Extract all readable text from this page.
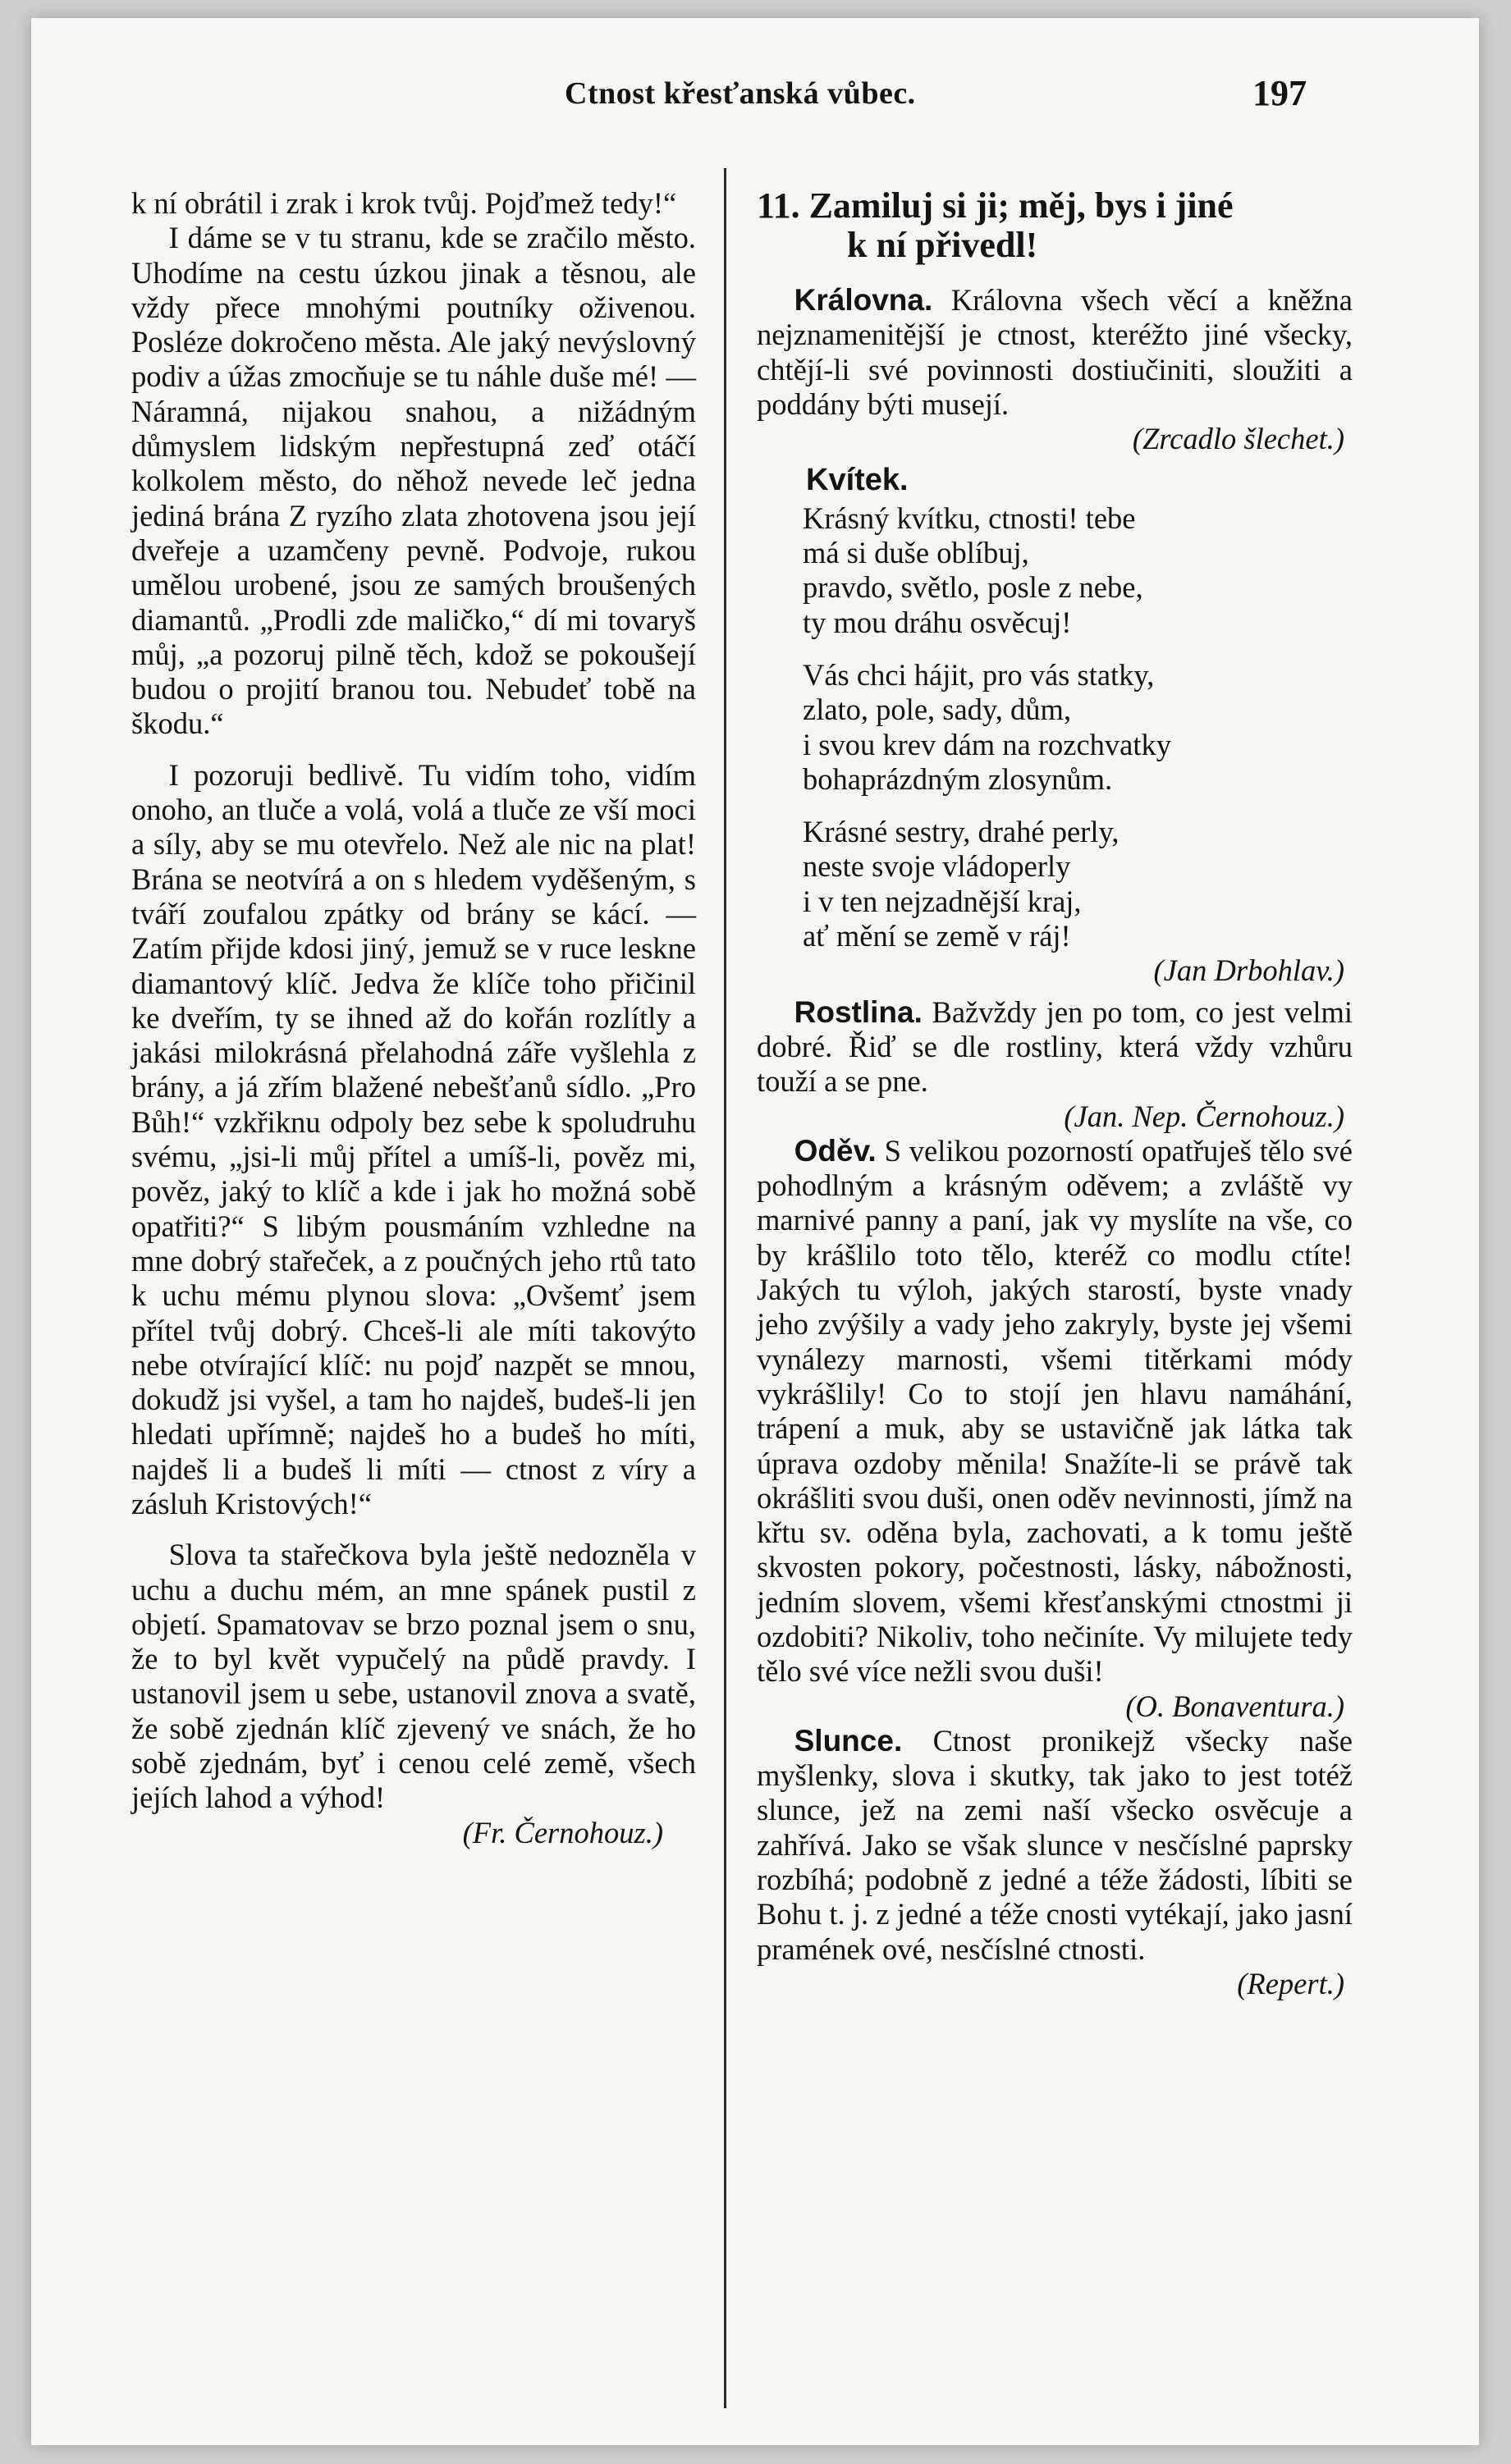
Ctnost křesťanská vůbec.	197

k ní obrátil i zrak i krok tvůj. Pojďmež tedy!“

I dáme se v tu stranu, kde se zračilo město. Uhodíme na cestu úzkou jinak a těsnou, ale vždy přece mnohými poutníky oživenou. Posléze dokročeno města. Ale jaký nevýslovný podiv a úžas zmocňuje se tu náhle duše mé! — Náramná, nijakou snahou, a nižádným důmyslem lidským nepřestupná zeď otáčí kolkolem město, do něhož nevede leč jedna jediná brána Z ryzího zlata zhotovena jsou její dveřeje a uzamčeny pevně. Podvoje, rukou umělou urobené, jsou ze samých broušených diamantů. „Prodli zde maličko,“ dí mi tovaryš můj, „a pozoruj pilně těch, kdož se pokoušejí budou o projití branou tou. Nebudeť tobě na škodu.“

I pozoruji bedlivě. Tu vidím toho, vidím onoho, an tluče a volá, volá a tluče ze vší moci a síly, aby se mu otevřelo. Než ale nic na plat! Brána se neotvírá a on s hledem vyděšeným, s tváří zoufalou zpátky od brány se kácí. — Zatím přijde kdosi jiný, jemuž se v ruce leskne diamantový klíč. Jedva že klíče toho přičinil ke dveřím, ty se ihned až do kořán rozlítly a jakási milokrásná přelahodná záře vyšlehla z brány, a já zřím blažené nebešťanů sídlo. „Pro Bůh!“ vzkřiknu odpoly bez sebe k spoludruhu svému, „jsi-li můj přítel a umíš-li, pověz mi, pověz, jaký to klíč a kde i jak ho možná sobě opatřiti?“ S libým pousmáním vzhledne na mne dobrý stařeček, a z poučných jeho rtů tato k uchu mému plynou slova: „Ovšemť jsem přítel tvůj dobrý. Chceš-li ale míti takovýto nebe otvírající klíč: nu pojď nazpět se mnou, dokudž jsi vyšel, a tam ho najdeš, budeš-li jen hledati upřímně; najdeš ho a budeš ho míti, najdeš li a budeš li míti — ctnost z víry a zásluh Kristových!“

Slova ta stařečkova byla ještě nedozněla v uchu a duchu mém, an mne spánek pustil z objetí. Spamatovav se brzo poznal jsem o snu, že to byl květ vypučelý na půdě pravdy. I ustanovil jsem u sebe, ustanovil znova a svatě, že sobě zjednán klíč zjevený ve snách, že ho sobě zjednám, byť i cenou celé země, všech jejích lahod a výhod!

(Fr. Černohouz.)

11. Zamiluj si ji; měj, bys i jiné
k ní přivedl!

Královna. Královna všech věcí a kněžna nejznamenitější je ctnost, kteréžto jiné všecky, chtějí-li své povinnosti dostiučiniti, sloužiti a poddány býti musejí.

(Zrcadlo šlechet.)

Kvítek.
Krásný kvítku, ctnosti! tebe
má si duše oblíbuj,
pravdo, světlo, posle z nebe,
ty mou dráhu osvěcuj!
Vás chci hájit, pro vás statky,
zlato, pole, sady, dům,
i svou krev dám na rozchvatky
bohaprázdným zlosynům.
Krásné sestry, drahé perly,
neste svoje vládoperly
i v ten nejzadnější kraj,
ať mění se země v ráj!

(Jan Drbohlav.)

Rostlina. Bažvždy jen po tom, co jest velmi dobré. Řiď se dle rostliny, která vždy vzhůru touží a se pne.

(Jan. Nep. Černohouz.)

Oděv. S velikou pozorností opatřuješ tělo své pohodlným a krásným oděvem; a zvláště vy marnivé panny a paní, jak vy myslíte na vše, co by krášlilo toto tělo, kteréž co modlu ctíte! Jakých tu výloh, jakých starostí, byste vnady jeho zvýšily a vady jeho zakryly, byste jej všemi vynálezy marnosti, všemi titěrkami módy vykrášlily! Co to stojí jen hlavu namáhání, trápení a muk, aby se ustavičně jak látka tak úprava ozdoby měnila! Snažíte-li se právě tak okrášliti svou duši, onen oděv nevinnosti, jímž na křtu sv. oděna byla, zachovati, a k tomu ještě skvosten pokory, počestnosti, lásky, nábožnosti, jedním slovem, všemi křesťanskými ctnostmi ji ozdobiti? Nikoliv, toho nečiníte. Vy milujete tedy tělo své více nežli svou duši!

(O. Bonaventura.)

Slunce. Ctnost pronikejž všecky naše myšlenky, slova i skutky, tak jako to jest totéž slunce, jež na zemi naší všecko osvěcuje a zahřívá. Jako se však slunce v nesčíslné paprsky rozbíhá; podobně z jedné a téže žádosti, líbiti se Bohu t. j. z jedné a téže cnosti vytékají, jako jasní pramének ové, nesčíslné ctnosti.

(Repert.)
